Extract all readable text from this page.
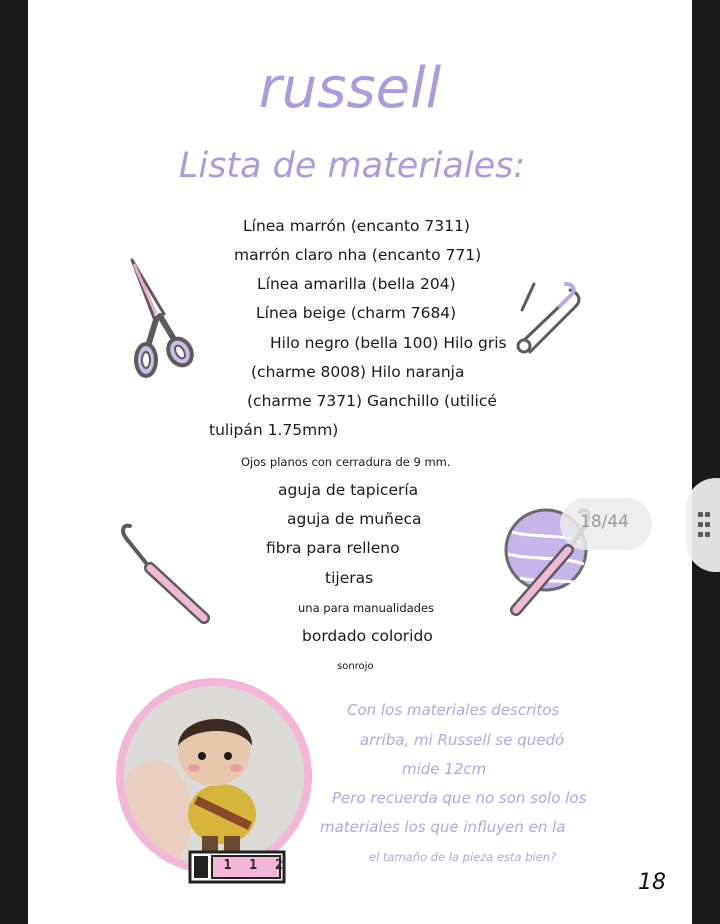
russell
Lista de materiales:
Línea marrón (encanto 7311)
marrón claro nha (encanto 771)
Línea amarilla (bella 204)
Línea beige (charm 7684)
Hilo negro (bella 100) Hilo gris
(charme 8008) Hilo naranja
(charme 7371) Ganchillo (utilicé
tulipán 1.75mm)
Ojos planos con cerradura de 9 mm.
aguja de tapicería
aguja de muñeca
fibra para relleno
tijeras
una para manualidades
bordado colorido
sonrojo
0 1 1 2
Con los materiales descritos
arriba, mi Russell se quedó
mide 12cm
Pero recuerda que no son solo los
materiales los que influyen en la
el tamaño de la pieza esta bien?
18
18/44
